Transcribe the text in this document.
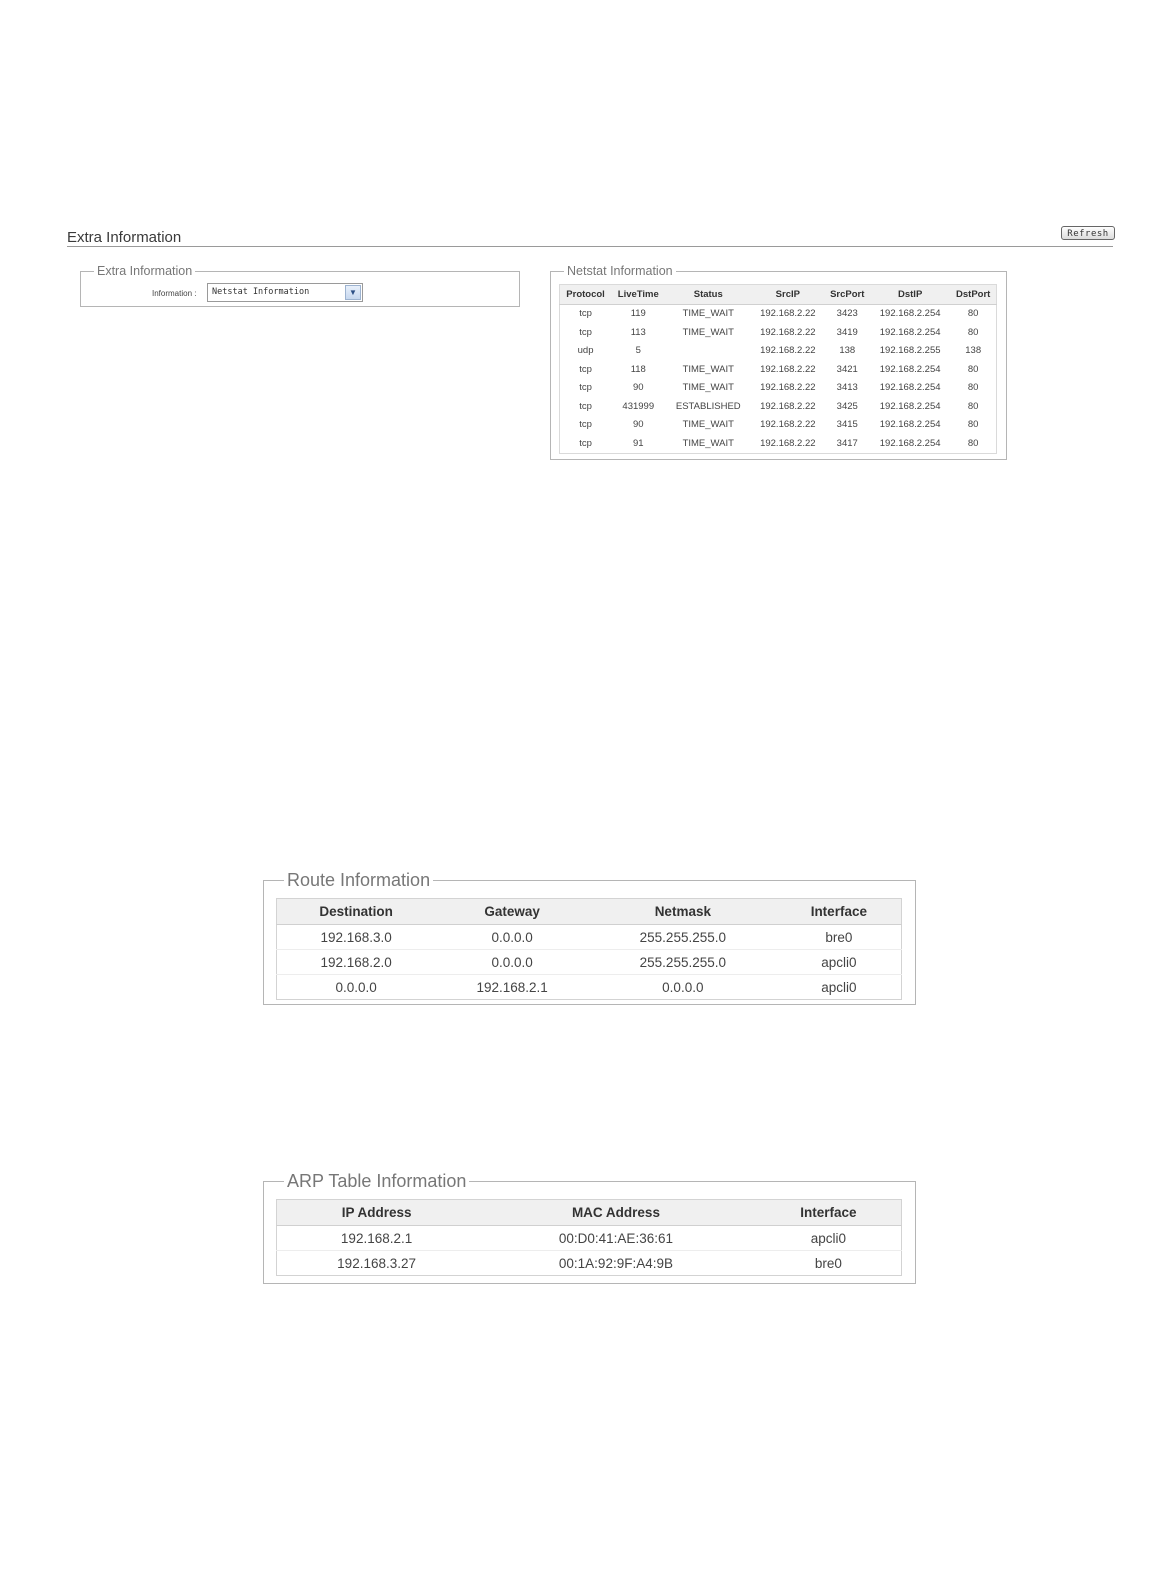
Extra Information	Refresh
Extra Information
Information : Netstat Information	▼
Netstat Information
Protocol	LiveTime	Status	SrcIP	SrcPort	DstIP	DstPort
tcp	119	TIME_WAIT	192.168.2.22	3423	192.168.2.254	80
tcp	113	TIME_WAIT	192.168.2.22	3419	192.168.2.254	80
udp	5		192.168.2.22	138	192.168.2.255	138
tcp	118	TIME_WAIT	192.168.2.22	3421	192.168.2.254	80
tcp	90	TIME_WAIT	192.168.2.22	3413	192.168.2.254	80
tcp	431999	ESTABLISHED	192.168.2.22	3425	192.168.2.254	80
tcp	90	TIME_WAIT	192.168.2.22	3415	192.168.2.254	80
tcp	91	TIME_WAIT	192.168.2.22	3417	192.168.2.254	80
Route Information
Destination	Gateway	Netmask	Interface
192.168.3.0	0.0.0.0	255.255.255.0	bre0
192.168.2.0	0.0.0.0	255.255.255.0	apcli0
0.0.0.0	192.168.2.1	0.0.0.0	apcli0
ARP Table Information
IP Address	MAC Address	Interface
192.168.2.1	00:D0:41:AE:36:61	apcli0
192.168.3.27	00:1A:92:9F:A4:9B	bre0
